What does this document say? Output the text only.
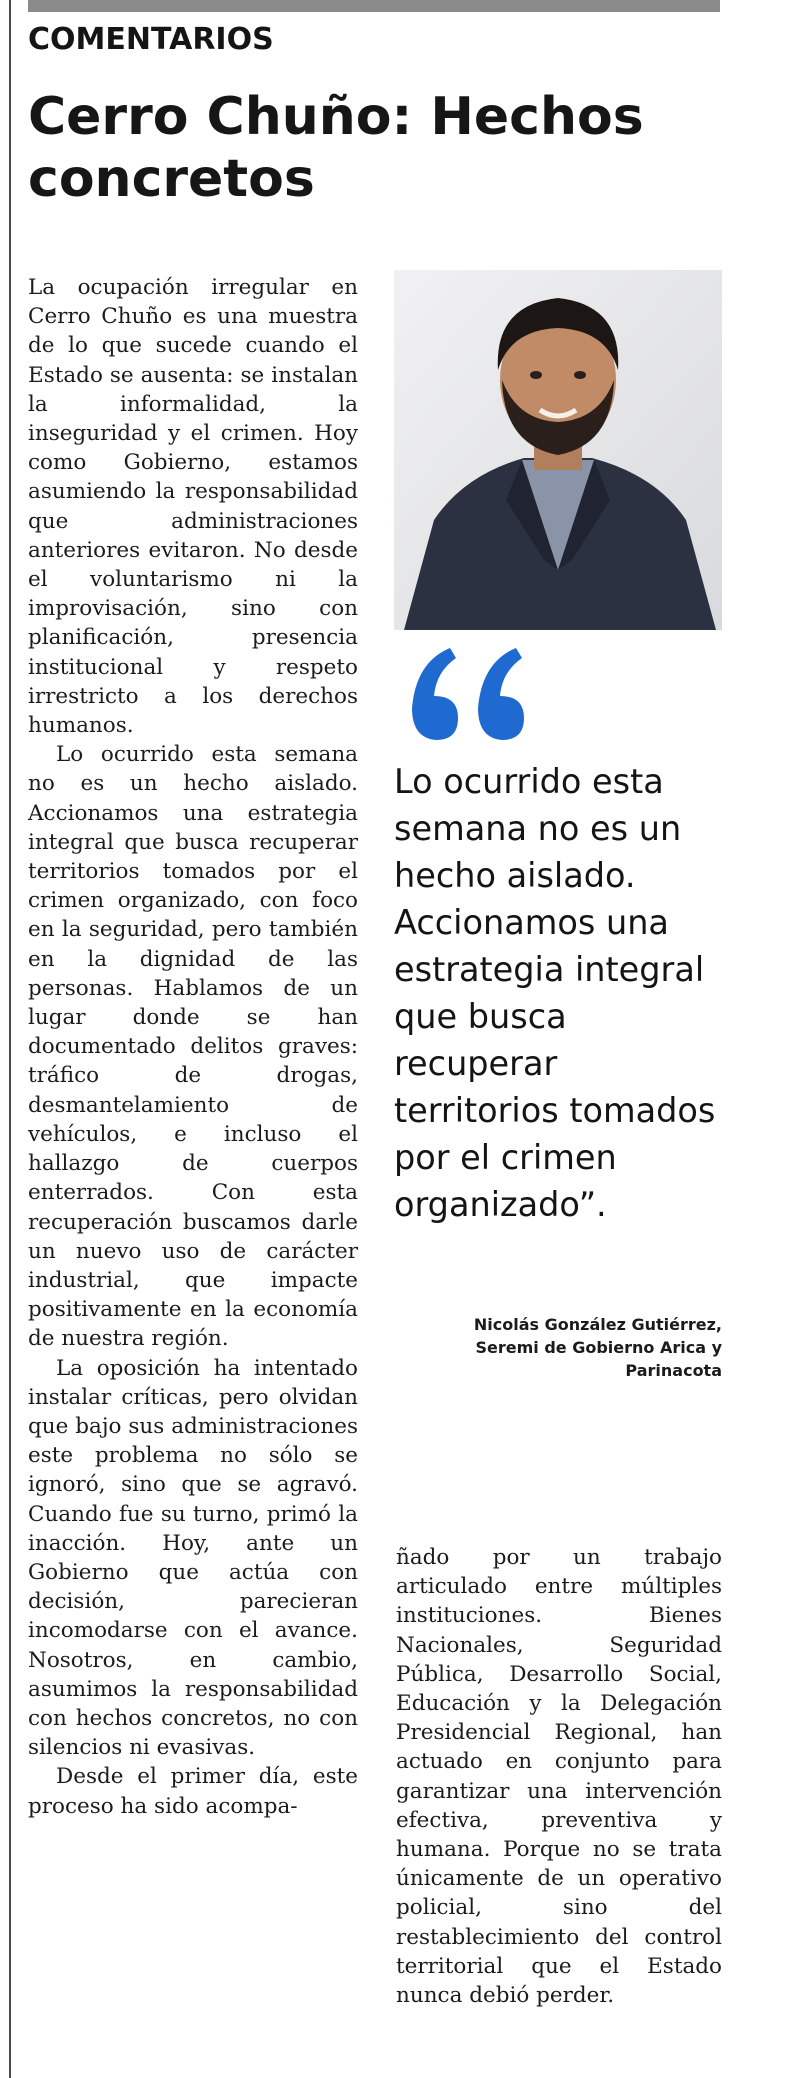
COMENTARIOS
Cerro Chuño: Hechos concretos

La ocupación irregular en Cerro Chuño es una muestra de lo que sucede cuando el Estado se ausenta: se instalan la informalidad, la inseguridad y el crimen. Hoy como Gobierno, estamos asumiendo la responsabilidad que administraciones anteriores evitaron. No desde el voluntarismo ni la improvisación, sino con planificación, presencia institucional y respeto irrestricto a los derechos humanos.

Lo ocurrido esta semana no es un hecho aislado. Accionamos una estrategia integral que busca recuperar territorios tomados por el crimen organizado, con foco en la seguridad, pero también en la dignidad de las personas. Hablamos de un lugar donde se han documentado delitos graves: tráfico de drogas, desmantelamiento de vehículos, e incluso el hallazgo de cuerpos enterrados. Con esta recuperación buscamos darle un nuevo uso de carácter industrial, que impacte positivamente en la economía de nuestra región.

La oposición ha intentado instalar críticas, pero olvidan que bajo sus administraciones este problema no sólo se ignoró, sino que se agravó. Cuando fue su turno, primó la inacción. Hoy, ante un Gobierno que actúa con decisión, parecieran incomodarse con el avance. Nosotros, en cambio, asumimos la responsabilidad con hechos concretos, no con silencios ni evasivas.

Desde el primer día, este proceso ha sido acompa-

Lo ocurrido esta semana no es un hecho aislado. Accionamos una estrategia integral que busca recuperar territorios tomados por el crimen organizado”.
Nicolás González Gutiérrez,
Seremi de Gobierno Arica y Parinacota

ñado por un trabajo articulado entre múltiples instituciones. Bienes Nacionales, Seguridad Pública, Desarrollo Social, Educación y la Delegación Presidencial Regional, han actuado en conjunto para garantizar una intervención efectiva, preventiva y humana. Porque no se trata únicamente de un operativo policial, sino del restablecimiento del control territorial que el Estado nunca debió perder.
